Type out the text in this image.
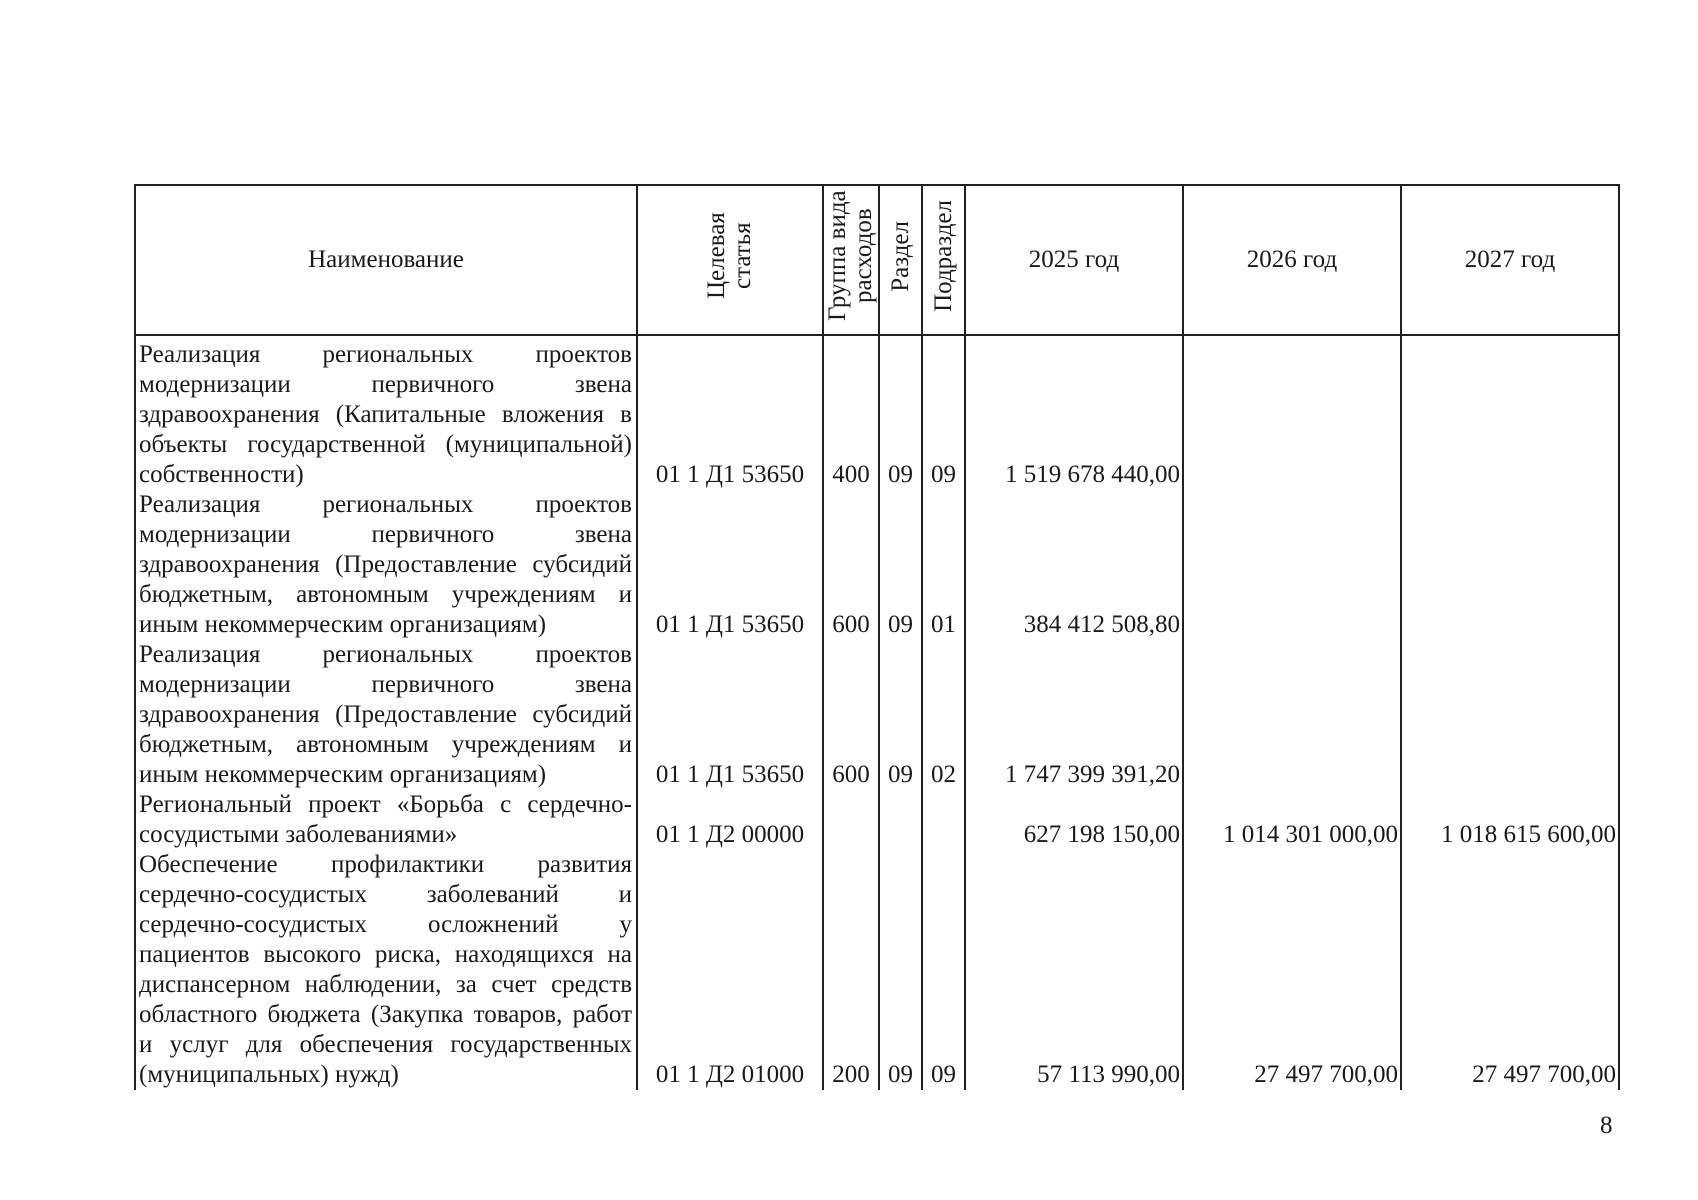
Наименование	Целевая статья	Группа вида расходов	Раздел	Подраздел	2025 год	2026 год	2027 год
Реализация региональных проектов модернизации первичного звена здравоохранения (Капитальные вложения в объекты государственной (муниципальной) собственности)	01 1 Д1 53650	400	09	09	1 519 678 440,00		
Реализация региональных проектов модернизации первичного звена здравоохранения (Предоставление субсидий бюджетным, автономным учреждениям и иным некоммерческим организациям)	01 1 Д1 53650	600	09	01	384 412 508,80		
Реализация региональных проектов модернизации первичного звена здравоохранения (Предоставление субсидий бюджетным, автономным учреждениям и иным некоммерческим организациям)	01 1 Д1 53650	600	09	02	1 747 399 391,20		
Региональный проект «Борьба с сердечно-сосудистыми заболеваниями»	01 1 Д2 00000				627 198 150,00	1 014 301 000,00	1 018 615 600,00
Обеспечение профилактики развития сердечно-сосудистых заболеваний и сердечно-сосудистых осложнений у пациентов высокого риска, находящихся на диспансерном наблюдении, за счет средств областного бюджета (Закупка товаров, работ и услуг для обеспечения государственных (муниципальных) нужд)	01 1 Д2 01000	200	09	09	57 113 990,00	27 497 700,00	27 497 700,00
8
